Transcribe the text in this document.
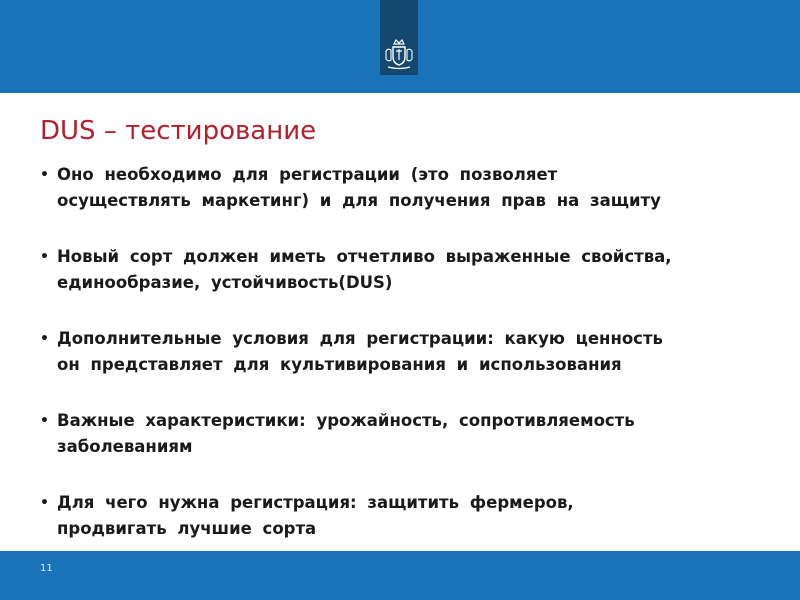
DUS – тестирование
• Оно необходимо для регистрации (это позволяет
осуществлять маркетинг) и для получения прав на защиту
• Новый сорт должен иметь отчетливо выраженные свойства,
единообразие, устойчивость(DUS)
• Дополнительные условия для регистрации: какую ценность
он представляет для культивирования и использования
• Важные характеристики: урожайность, сопротивляемость
заболеваниям
• Для чего нужна регистрация: защитить фермеров,
продвигать лучшие сорта
11
